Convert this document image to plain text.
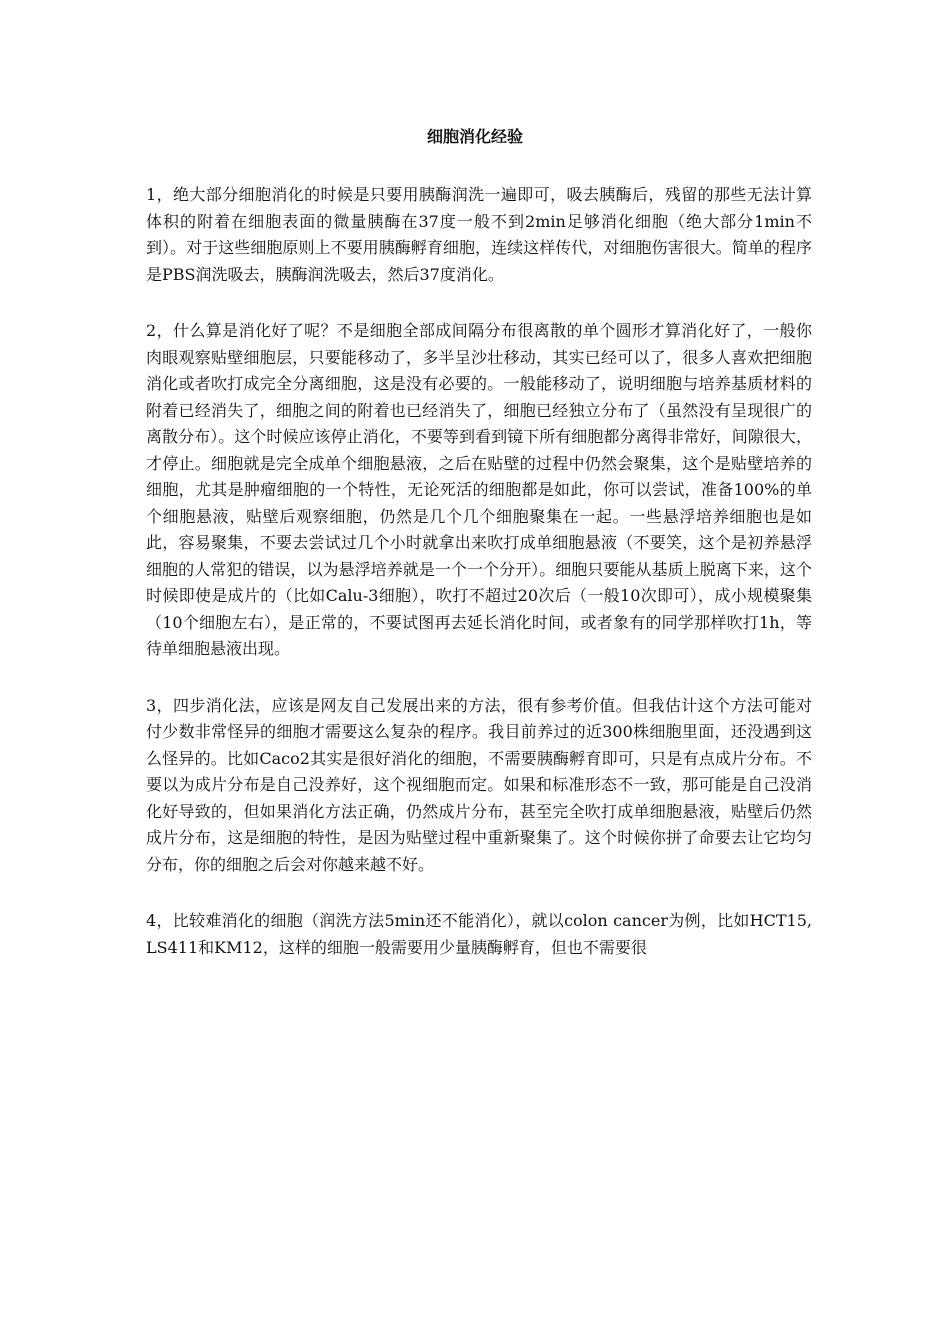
细胞消化经验

1，绝大部分细胞消化的时候是只要用胰酶润洗一遍即可，吸去胰酶后，残留的那些无法计算体积的附着在细胞表面的微量胰酶在37度一般不到2min足够消化细胞（绝大部分1min不到）。对于这些细胞原则上不要用胰酶孵育细胞，连续这样传代，对细胞伤害很大。简单的程序是PBS润洗吸去，胰酶润洗吸去，然后37度消化。

2，什么算是消化好了呢？不是细胞全部成间隔分布很离散的单个圆形才算消化好了，一般你肉眼观察贴壁细胞层，只要能移动了，多半呈沙壮移动，其实已经可以了，很多人喜欢把细胞消化或者吹打成完全分离细胞，这是没有必要的。一般能移动了，说明细胞与培养基质材料的附着已经消失了，细胞之间的附着也已经消失了，细胞已经独立分布了（虽然没有呈现很广的离散分布）。这个时候应该停止消化，不要等到看到镜下所有细胞都分离得非常好，间隙很大，才停止。细胞就是完全成单个细胞悬液，之后在贴壁的过程中仍然会聚集，这个是贴壁培养的细胞，尤其是肿瘤细胞的一个特性，无论死活的细胞都是如此，你可以尝试，准备100%的单个细胞悬液，贴壁后观察细胞，仍然是几个几个细胞聚集在一起。一些悬浮培养细胞也是如此，容易聚集，不要去尝试过几个小时就拿出来吹打成单细胞悬液（不要笑，这个是初养悬浮细胞的人常犯的错误，以为悬浮培养就是一个一个分开）。细胞只要能从基质上脱离下来，这个时候即使是成片的（比如Calu-3细胞），吹打不超过20次后（一般10次即可），成小规模聚集（10个细胞左右），是正常的，不要试图再去延长消化时间，或者象有的同学那样吹打1h，等待单细胞悬液出现。

3，四步消化法，应该是网友自己发展出来的方法，很有参考价值。但我估计这个方法可能对付少数非常怪异的细胞才需要这么复杂的程序。我目前养过的近300株细胞里面，还没遇到这么怪异的。比如Caco2其实是很好消化的细胞，不需要胰酶孵育即可，只是有点成片分布。不要以为成片分布是自己没养好，这个视细胞而定。如果和标准形态不一致，那可能是自己没消化好导致的，但如果消化方法正确，仍然成片分布，甚至完全吹打成单细胞悬液，贴壁后仍然成片分布，这是细胞的特性，是因为贴壁过程中重新聚集了。这个时候你拼了命要去让它均匀分布，你的细胞之后会对你越来越不好。

4，比较难消化的细胞（润洗方法5min还不能消化），就以colon cancer为例，比如HCT15, LS411和KM12，这样的细胞一般需要用少量胰酶孵育，但也不需要很
